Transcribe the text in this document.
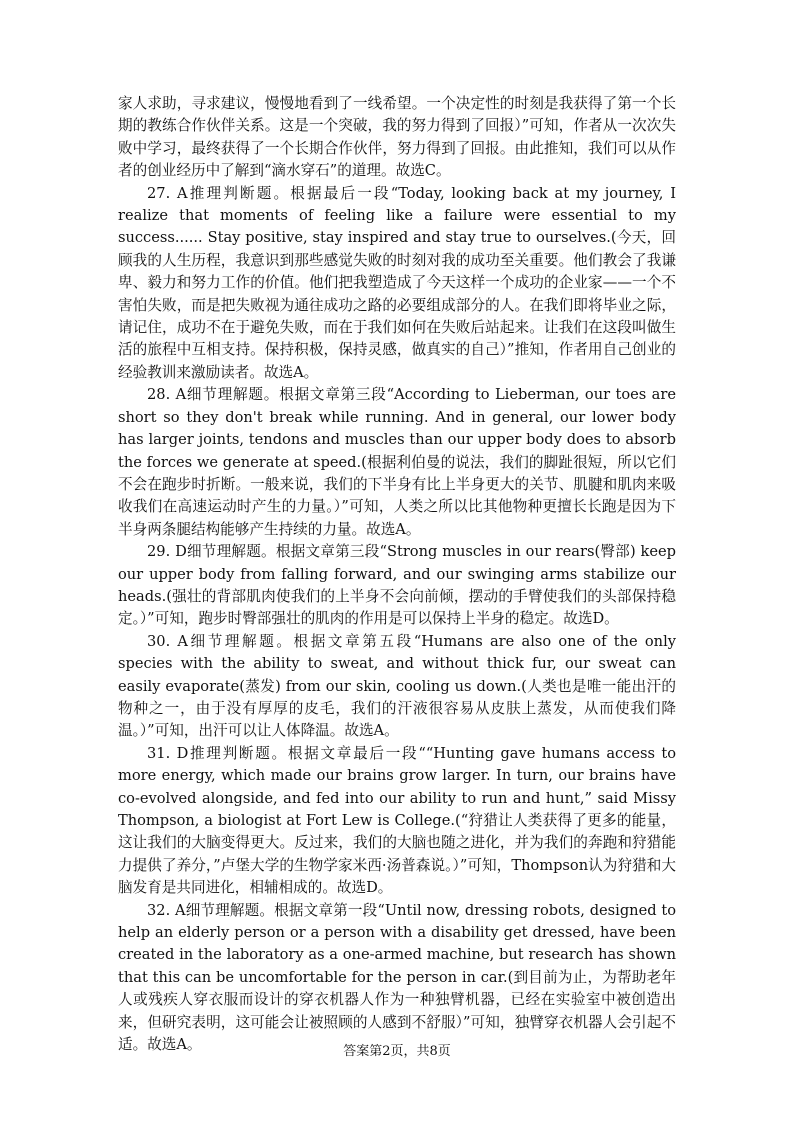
家人求助，寻求建议，慢慢地看到了一线希望。一个决定性的时刻是我获得了第一个长期的教练合作伙伴关系。这是一个突破，我的努力得到了回报）”可知，作者从一次次失败中学习，最终获得了一个长期合作伙伴，努力得到了回报。由此推知，我们可以从作者的创业经历中了解到“滴水穿石”的道理。故选C。

27. A推理判断题。根据最后一段“Today, looking back at my journey, I realize that moments of feeling like a failure were essential to my success...... Stay positive, stay inspired and stay true to ourselves.(今天，回顾我的人生历程，我意识到那些感觉失败的时刻对我的成功至关重要。他们教会了我谦卑、毅力和努力工作的价值。他们把我塑造成了今天这样一个成功的企业家——一个不害怕失败，而是把失败视为通往成功之路的必要组成部分的人。在我们即将毕业之际，请记住，成功不在于避免失败，而在于我们如何在失败后站起来。让我们在这段叫做生活的旅程中互相支持。保持积极，保持灵感，做真实的自己）”推知，作者用自己创业的经验教训来激励读者。故选A。

28. A细节理解题。根据文章第三段“According to Lieberman, our toes are short so they don't break while running. And in general, our lower body has larger joints, tendons and muscles than our upper body does to absorb the forces we generate at speed.(根据利伯曼的说法，我们的脚趾很短，所以它们不会在跑步时折断。一般来说，我们的下半身有比上半身更大的关节、肌腱和肌肉来吸收我们在高速运动时产生的力量。）”可知，人类之所以比其他物种更擅长长跑是因为下半身两条腿结构能够产生持续的力量。故选A。

29. D细节理解题。根据文章第三段“Strong muscles in our rears(臀部) keep our upper body from falling forward, and our swinging arms stabilize our heads.(强壮的背部肌肉使我们的上半身不会向前倾，摆动的手臂使我们的头部保持稳定。）”可知，跑步时臀部强壮的肌肉的作用是可以保持上半身的稳定。故选D。

30. A细节理解题。根据文章第五段“Humans are also one of the only species with the ability to sweat, and without thick fur, our sweat can easily evaporate(蒸发) from our skin, cooling us down.(人类也是唯一能出汗的物种之一，由于没有厚厚的皮毛，我们的汗液很容易从皮肤上蒸发，从而使我们降温。）”可知，出汗可以让人体降温。故选A。

31. D推理判断题。根据文章最后一段““Hunting gave humans access to more energy, which made our brains grow larger. In turn, our brains have co-evolved alongside, and fed into our ability to run and hunt,” said Missy Thompson, a biologist at Fort Lew is College.(“狩猎让人类获得了更多的能量，这让我们的大脑变得更大。反过来，我们的大脑也随之进化，并为我们的奔跑和狩猎能力提供了养分，”卢堡大学的生物学家米西·汤普森说。）”可知，Thompson认为狩猎和大脑发育是共同进化，相辅相成的。故选D。

32. A细节理解题。根据文章第一段“Until now, dressing robots, designed to help an elderly person or a person with a disability get dressed, have been created in the laboratory as a one-armed machine, but research has shown that this can be uncomfortable for the person in car.(到目前为止，为帮助老年人或残疾人穿衣服而设计的穿衣机器人作为一种独臂机器，已经在实验室中被创造出来，但研究表明，这可能会让被照顾的人感到不舒服）”可知，独臂穿衣机器人会引起不适。故选A。	答案第2页，共8页
